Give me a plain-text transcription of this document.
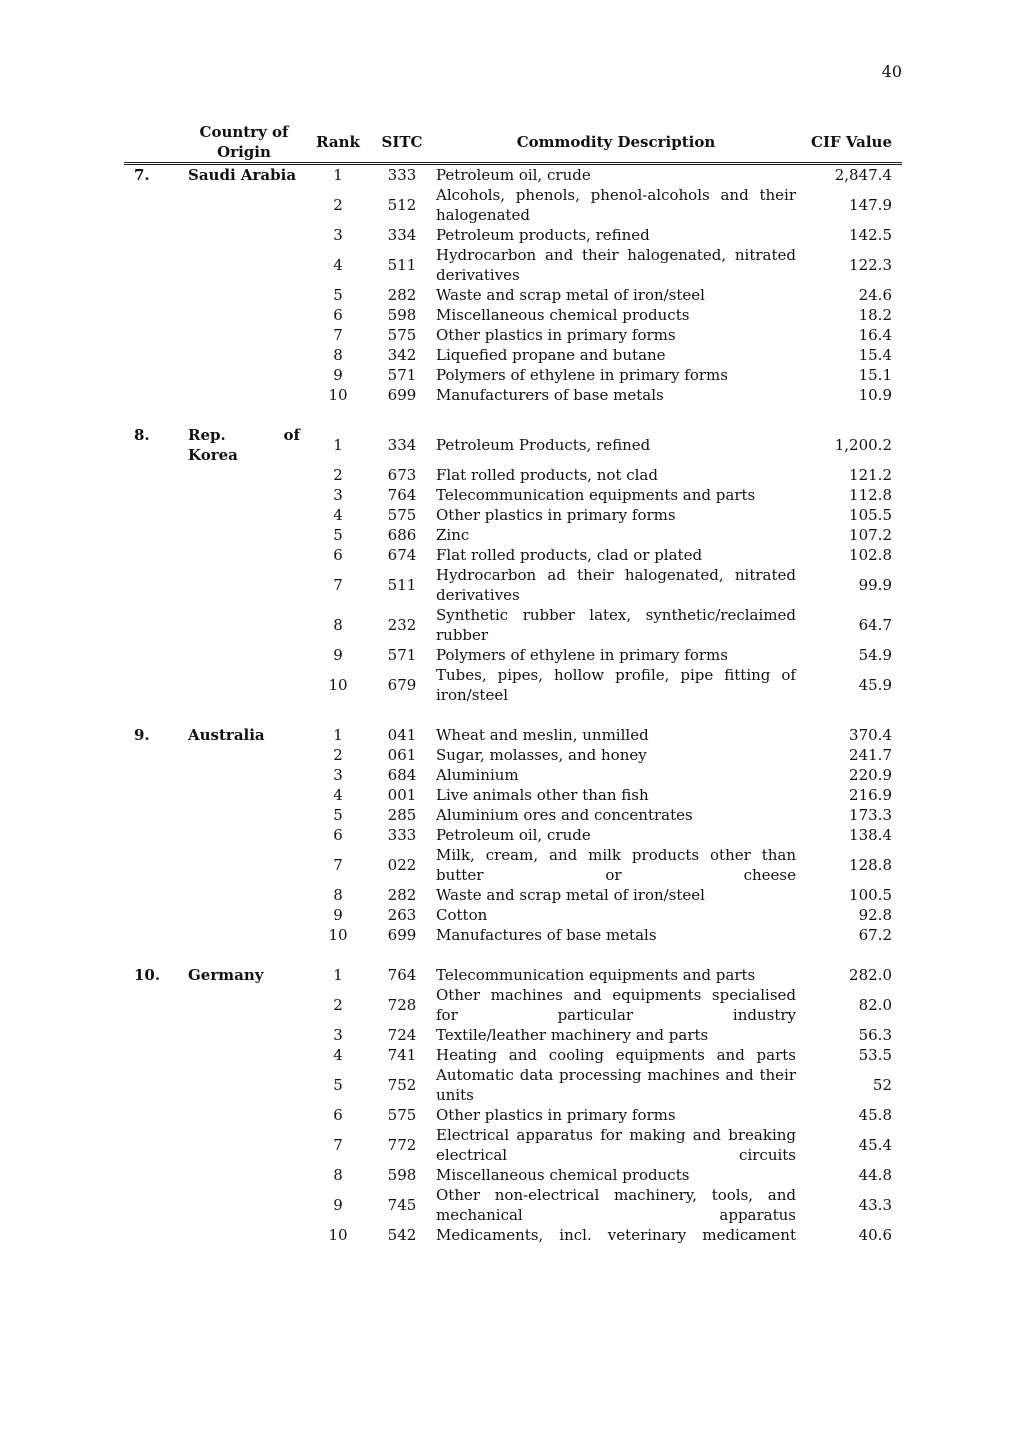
40
	Country of Origin	Rank	SITC	Commodity Description	CIF Value
7.	Saudi Arabia	1	333	Petroleum oil, crude	2,847.4
		2	512	Alcohols, phenols, phenol-alcohols and their halogenated	147.9
		3	334	Petroleum products, refined	142.5
		4	511	Hydrocarbon and their halogenated, nitrated derivatives	122.3
		5	282	Waste and scrap metal of iron/steel	24.6
		6	598	Miscellaneous chemical products	18.2
		7	575	Other plastics in primary forms	16.4
		8	342	Liquefied propane and butane	15.4
		9	571	Polymers of ethylene in primary forms	15.1
		10	699	Manufacturers of base metals	10.9

8.	Rep. of Korea	1	334	Petroleum Products, refined	1,200.2
		2	673	Flat rolled products, not clad	121.2
		3	764	Telecommunication equipments and parts	112.8
		4	575	Other plastics in primary forms	105.5
		5	686	Zinc	107.2
		6	674	Flat rolled products, clad or plated	102.8
		7	511	Hydrocarbon ad their halogenated, nitrated derivatives	99.9
		8	232	Synthetic rubber latex, synthetic/reclaimed rubber	64.7
		9	571	Polymers of ethylene in primary forms	54.9
		10	679	Tubes, pipes, hollow profile, pipe fitting of iron/steel	45.9

9.	Australia	1	041	Wheat and meslin, unmilled	370.4
		2	061	Sugar, molasses, and honey	241.7
		3	684	Aluminium	220.9
		4	001	Live animals other than fish	216.9
		5	285	Aluminium ores and concentrates	173.3
		6	333	Petroleum oil, crude	138.4
		7	022	Milk, cream, and milk products other than butter or cheese	128.8
		8	282	Waste and scrap metal of iron/steel	100.5
		9	263	Cotton	92.8
		10	699	Manufactures of base metals	67.2

10.	Germany	1	764	Telecommunication equipments and parts	282.0
		2	728	Other machines and equipments specialised for particular industry	82.0
		3	724	Textile/leather machinery and parts	56.3
		4	741	Heating and cooling equipments and parts	53.5
		5	752	Automatic data processing machines and their units	52
		6	575	Other plastics in primary forms	45.8
		7	772	Electrical apparatus for making and breaking electrical circuits	45.4
		8	598	Miscellaneous chemical products	44.8
		9	745	Other non-electrical machinery, tools, and mechanical apparatus	43.3
		10	542	Medicaments, incl. veterinary medicament	40.6
